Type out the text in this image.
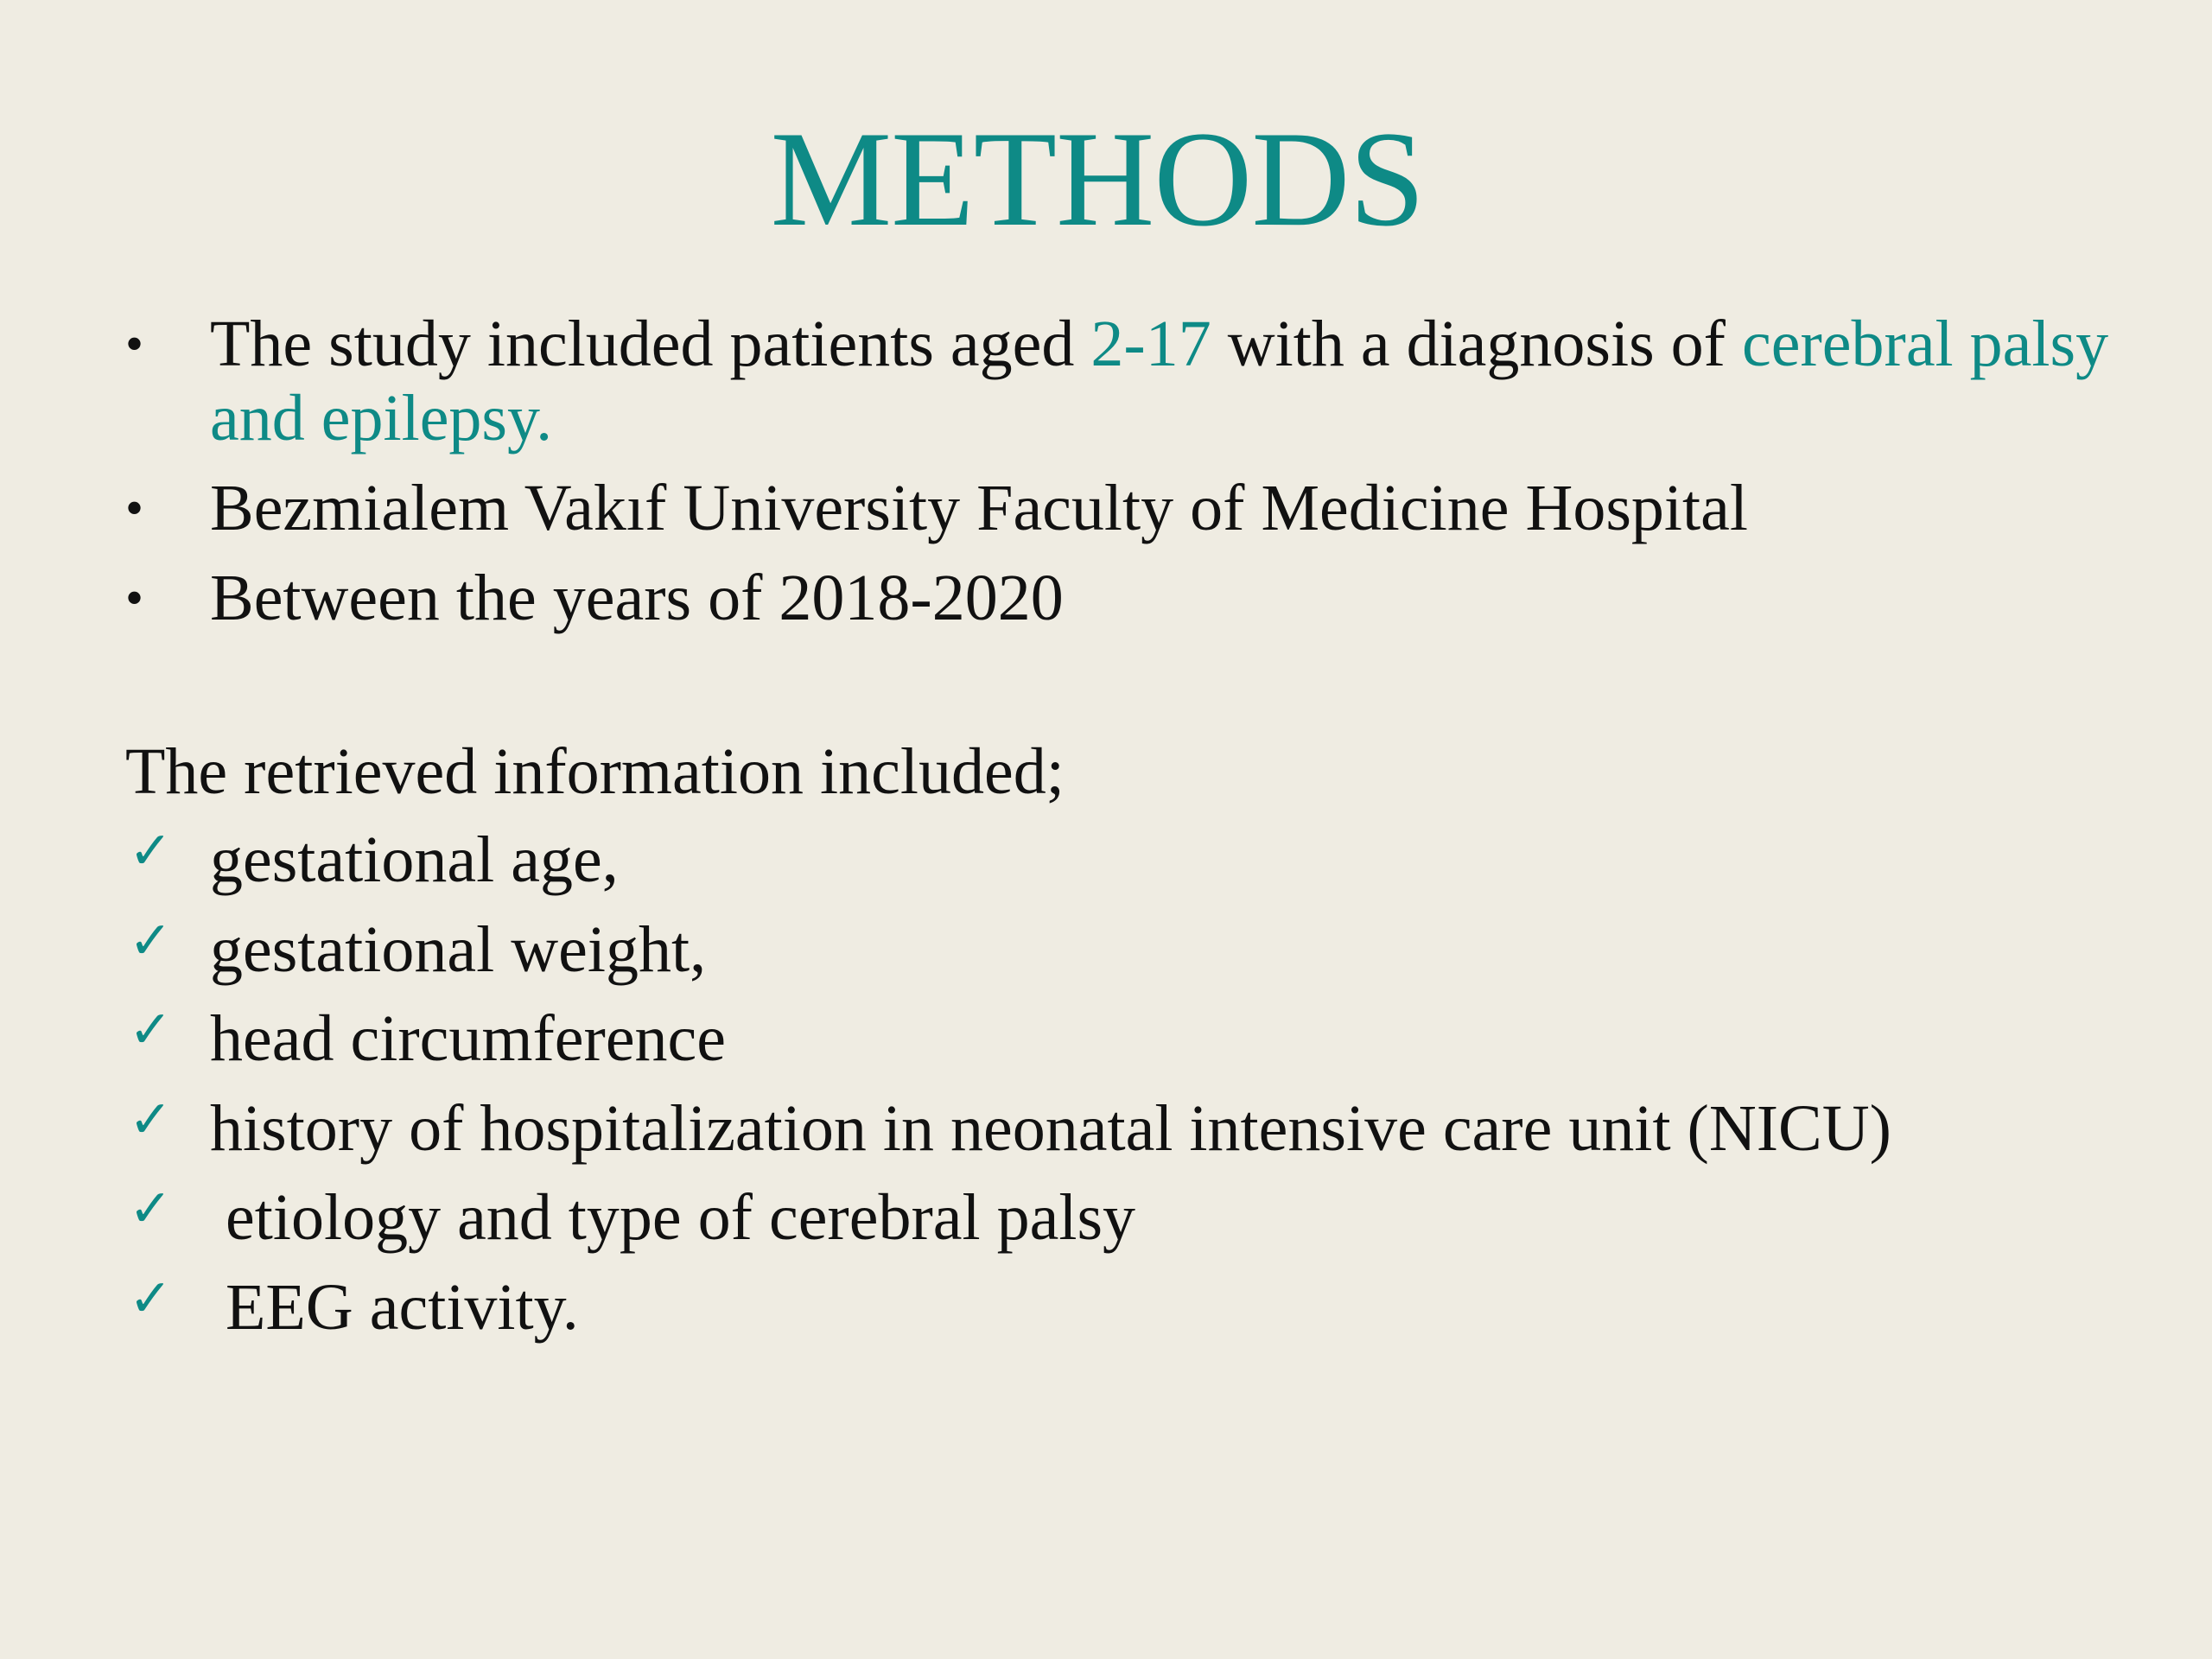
METHODS
• The study included patients aged 2-17 with a diagnosis of cerebral palsy and epilepsy.
• Bezmialem Vakıf University Faculty of Medicine Hospital
• Between the years of 2018-2020
The retrieved information included;
✓ gestational age,
✓ gestational weight,
✓ head circumference
✓ history of hospitalization in neonatal intensive care unit (NICU)
✓ etiology and type of cerebral palsy
✓ EEG activity.
